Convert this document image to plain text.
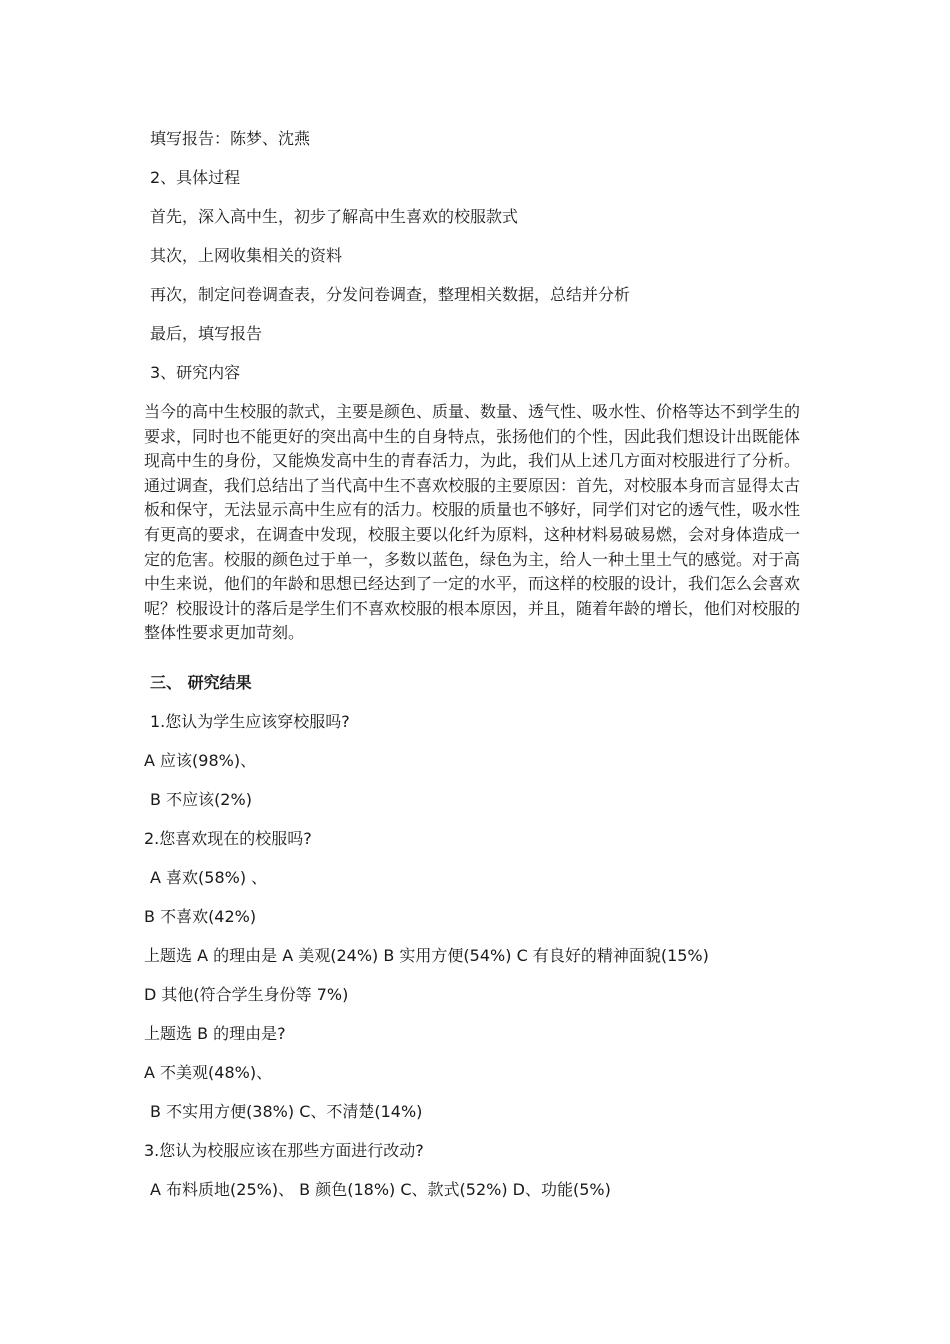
填写报告：陈梦、沈燕

2、具体过程

首先，深入高中生，初步了解高中生喜欢的校服款式

其次，上网收集相关的资料

再次，制定问卷调查表，分发问卷调查，整理相关数据，总结并分析

最后，填写报告

3、研究内容

当今的高中生校服的款式，主要是颜色、质量、数量、透气性、吸水性、价格等达不到学生的要求，同时也不能更好的突出高中生的自身特点，张扬他们的个性，因此我们想设计出既能体现高中生的身份，又能焕发高中生的青春活力，为此，我们从上述几方面对校服进行了分析。通过调查，我们总结出了当代高中生不喜欢校服的主要原因：首先，对校服本身而言显得太古板和保守，无法显示高中生应有的活力。校服的质量也不够好，同学们对它的透气性，吸水性有更高的要求，在调查中发现，校服主要以化纤为原料，这种材料易破易燃，会对身体造成一定的危害。校服的颜色过于单一，多数以蓝色，绿色为主，给人一种土里土气的感觉。对于高中生来说，他们的年龄和思想已经达到了一定的水平，而这样的校服的设计，我们怎么会喜欢呢？校服设计的落后是学生们不喜欢校服的根本原因，并且，随着年龄的增长，他们对校服的整体性要求更加苛刻。

三、 研究结果

1.您认为学生应该穿校服吗?

A 应该(98%)、

B 不应该(2%)

2.您喜欢现在的校服吗?

A 喜欢(58%) 、

B 不喜欢(42%)

上题选 A 的理由是 A 美观(24%) B 实用方便(54%) C 有良好的精神面貌(15%)

D 其他(符合学生身份等 7%)

上题选 B 的理由是?

A 不美观(48%)、

B 不实用方便(38%) C、不清楚(14%)

3.您认为校服应该在那些方面进行改动?

A 布料质地(25%)、 B 颜色(18%) C、款式(52%) D、功能(5%)
